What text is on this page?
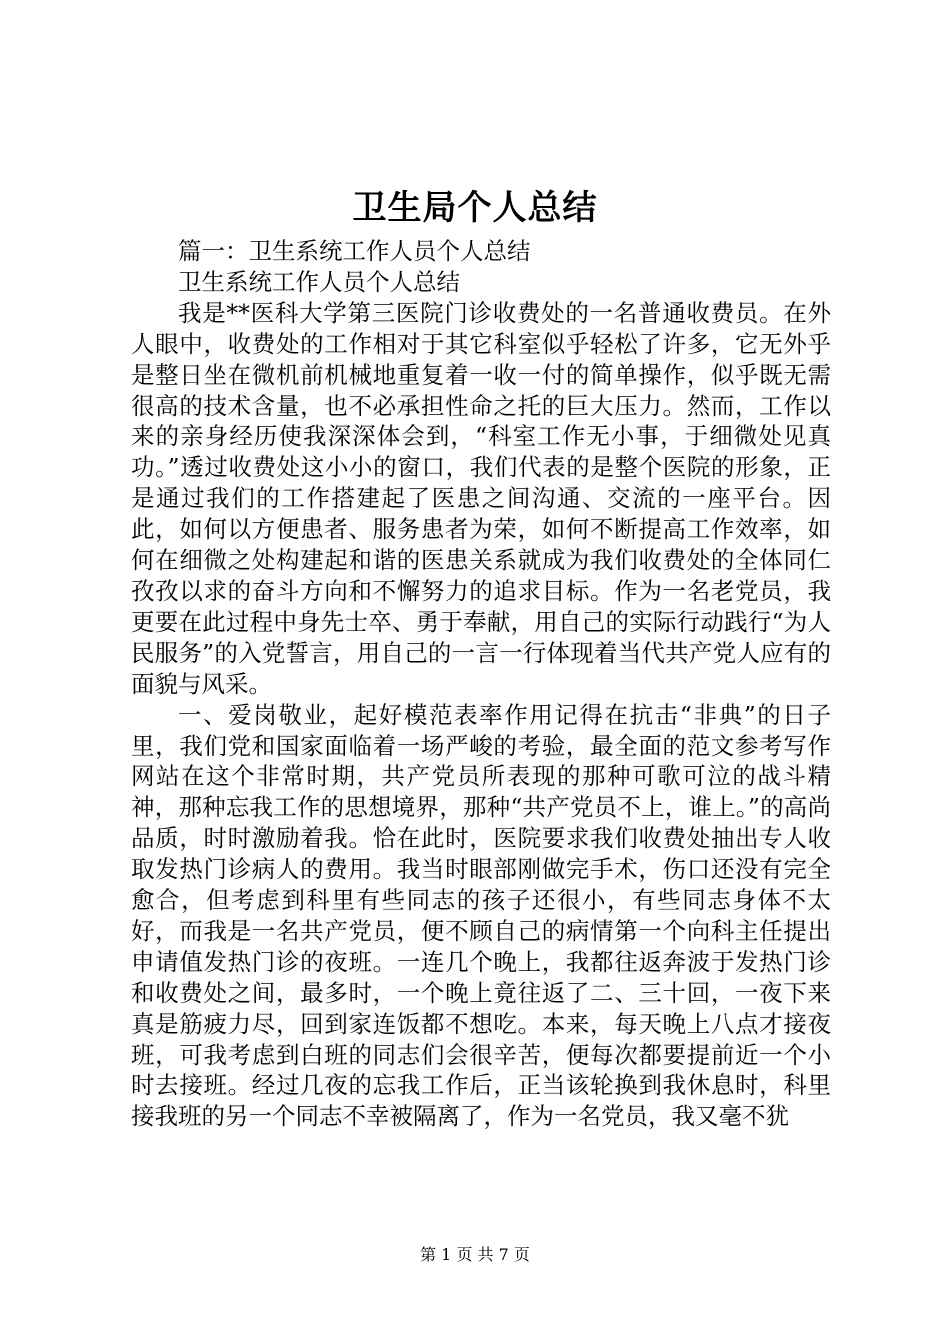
卫生局个人总结

篇一：卫生系统工作人员个人总结

卫生系统工作人员个人总结

我是**医科大学第三医院门诊收费处的一名普通收费员。在外人眼中，收费处的工作相对于其它科室似乎轻松了许多，它无外乎是整日坐在微机前机械地重复着一收一付的简单操作，似乎既无需很高的技术含量，也不必承担性命之托的巨大压力。然而，工作以来的亲身经历使我深深体会到，“科室工作无小事，于细微处见真功。”透过收费处这小小的窗口，我们代表的是整个医院的形象，正是通过我们的工作搭建起了医患之间沟通、交流的一座平台。因此，如何以方便患者、服务患者为荣，如何不断提高工作效率，如何在细微之处构建起和谐的医患关系就成为我们收费处的全体同仁孜孜以求的奋斗方向和不懈努力的追求目标。作为一名老党员，我更要在此过程中身先士卒、勇于奉献，用自己的实际行动践行“为人民服务”的入党誓言，用自己的一言一行体现着当代共产党人应有的面貌与风采。

一、爱岗敬业，起好模范表率作用记得在抗击“非典”的日子里，我们党和国家面临着一场严峻的考验，最全面的范文参考写作网站在这个非常时期，共产党员所表现的那种可歌可泣的战斗精神，那种忘我工作的思想境界，那种“共产党员不上，谁上。”的高尚品质，时时激励着我。恰在此时，医院要求我们收费处抽出专人收取发热门诊病人的费用。我当时眼部刚做完手术，伤口还没有完全愈合，但考虑到科里有些同志的孩子还很小，有些同志身体不太好，而我是一名共产党员，便不顾自己的病情第一个向科主任提出申请值发热门诊的夜班。一连几个晚上，我都往返奔波于发热门诊和收费处之间，最多时，一个晚上竟往返了二、三十回，一夜下来真是筋疲力尽，回到家连饭都不想吃。本来，每天晚上八点才接夜班，可我考虑到白班的同志们会很辛苦，便每次都要提前近一个小时去接班。经过几夜的忘我工作后，正当该轮换到我休息时，科里接我班的另一个同志不幸被隔离了，作为一名党员，我又毫不犹

第 1 页 共 7 页
